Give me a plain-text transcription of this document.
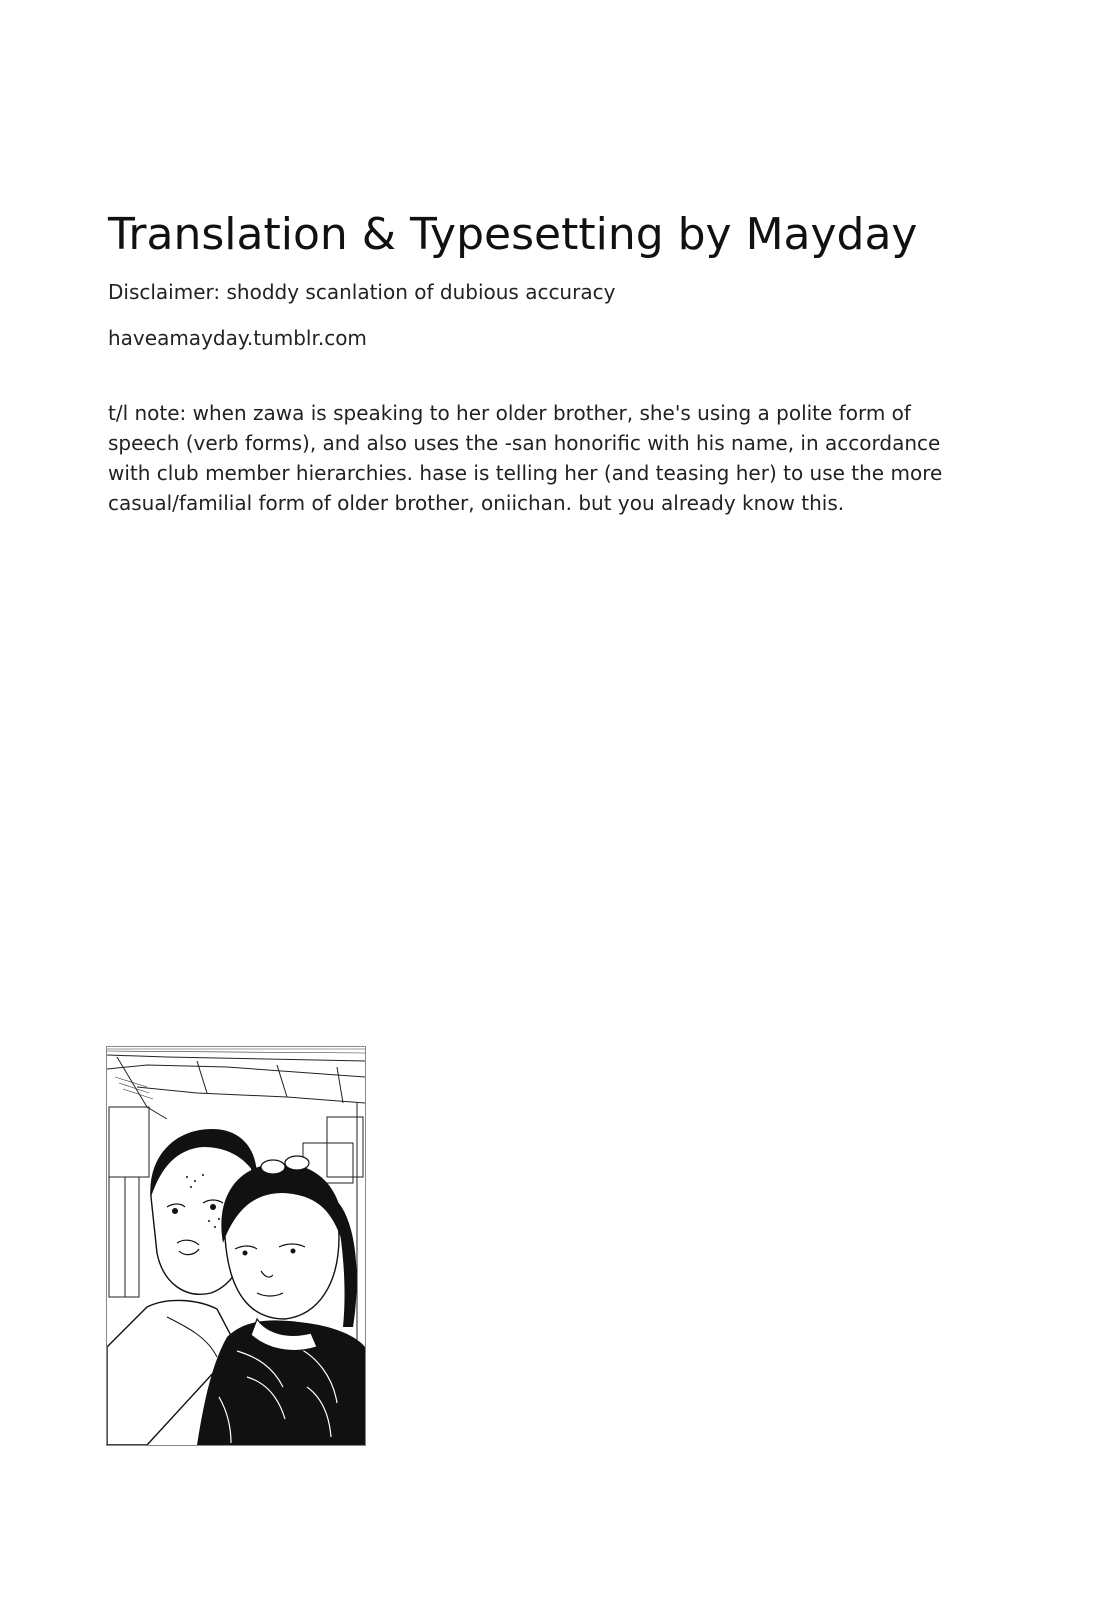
Translation & Typesetting by Mayday
Disclaimer: shoddy scanlation of dubious accuracy
haveamayday.tumblr.com
t/l note: when zawa is speaking to her older brother, she's using a polite form of speech (verb forms), and also uses the -san honorific with his name, in accordance with club member hierarchies. hase is telling her (and teasing her) to use the more casual/familial form of older brother, oniichan. but you already know this.
